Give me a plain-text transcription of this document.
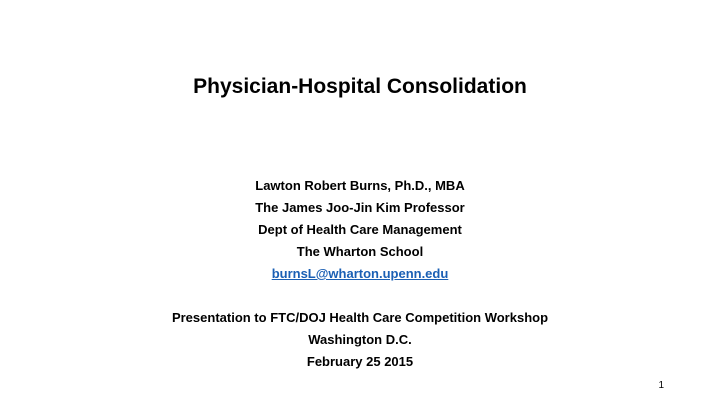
Physician-Hospital Consolidation
Lawton Robert Burns, Ph.D., MBA
The James Joo-Jin Kim Professor
Dept of Health Care Management
The Wharton School
burnsL@wharton.upenn.edu
Presentation to FTC/DOJ Health Care Competition Workshop
Washington D.C.
February 25 2015
1
